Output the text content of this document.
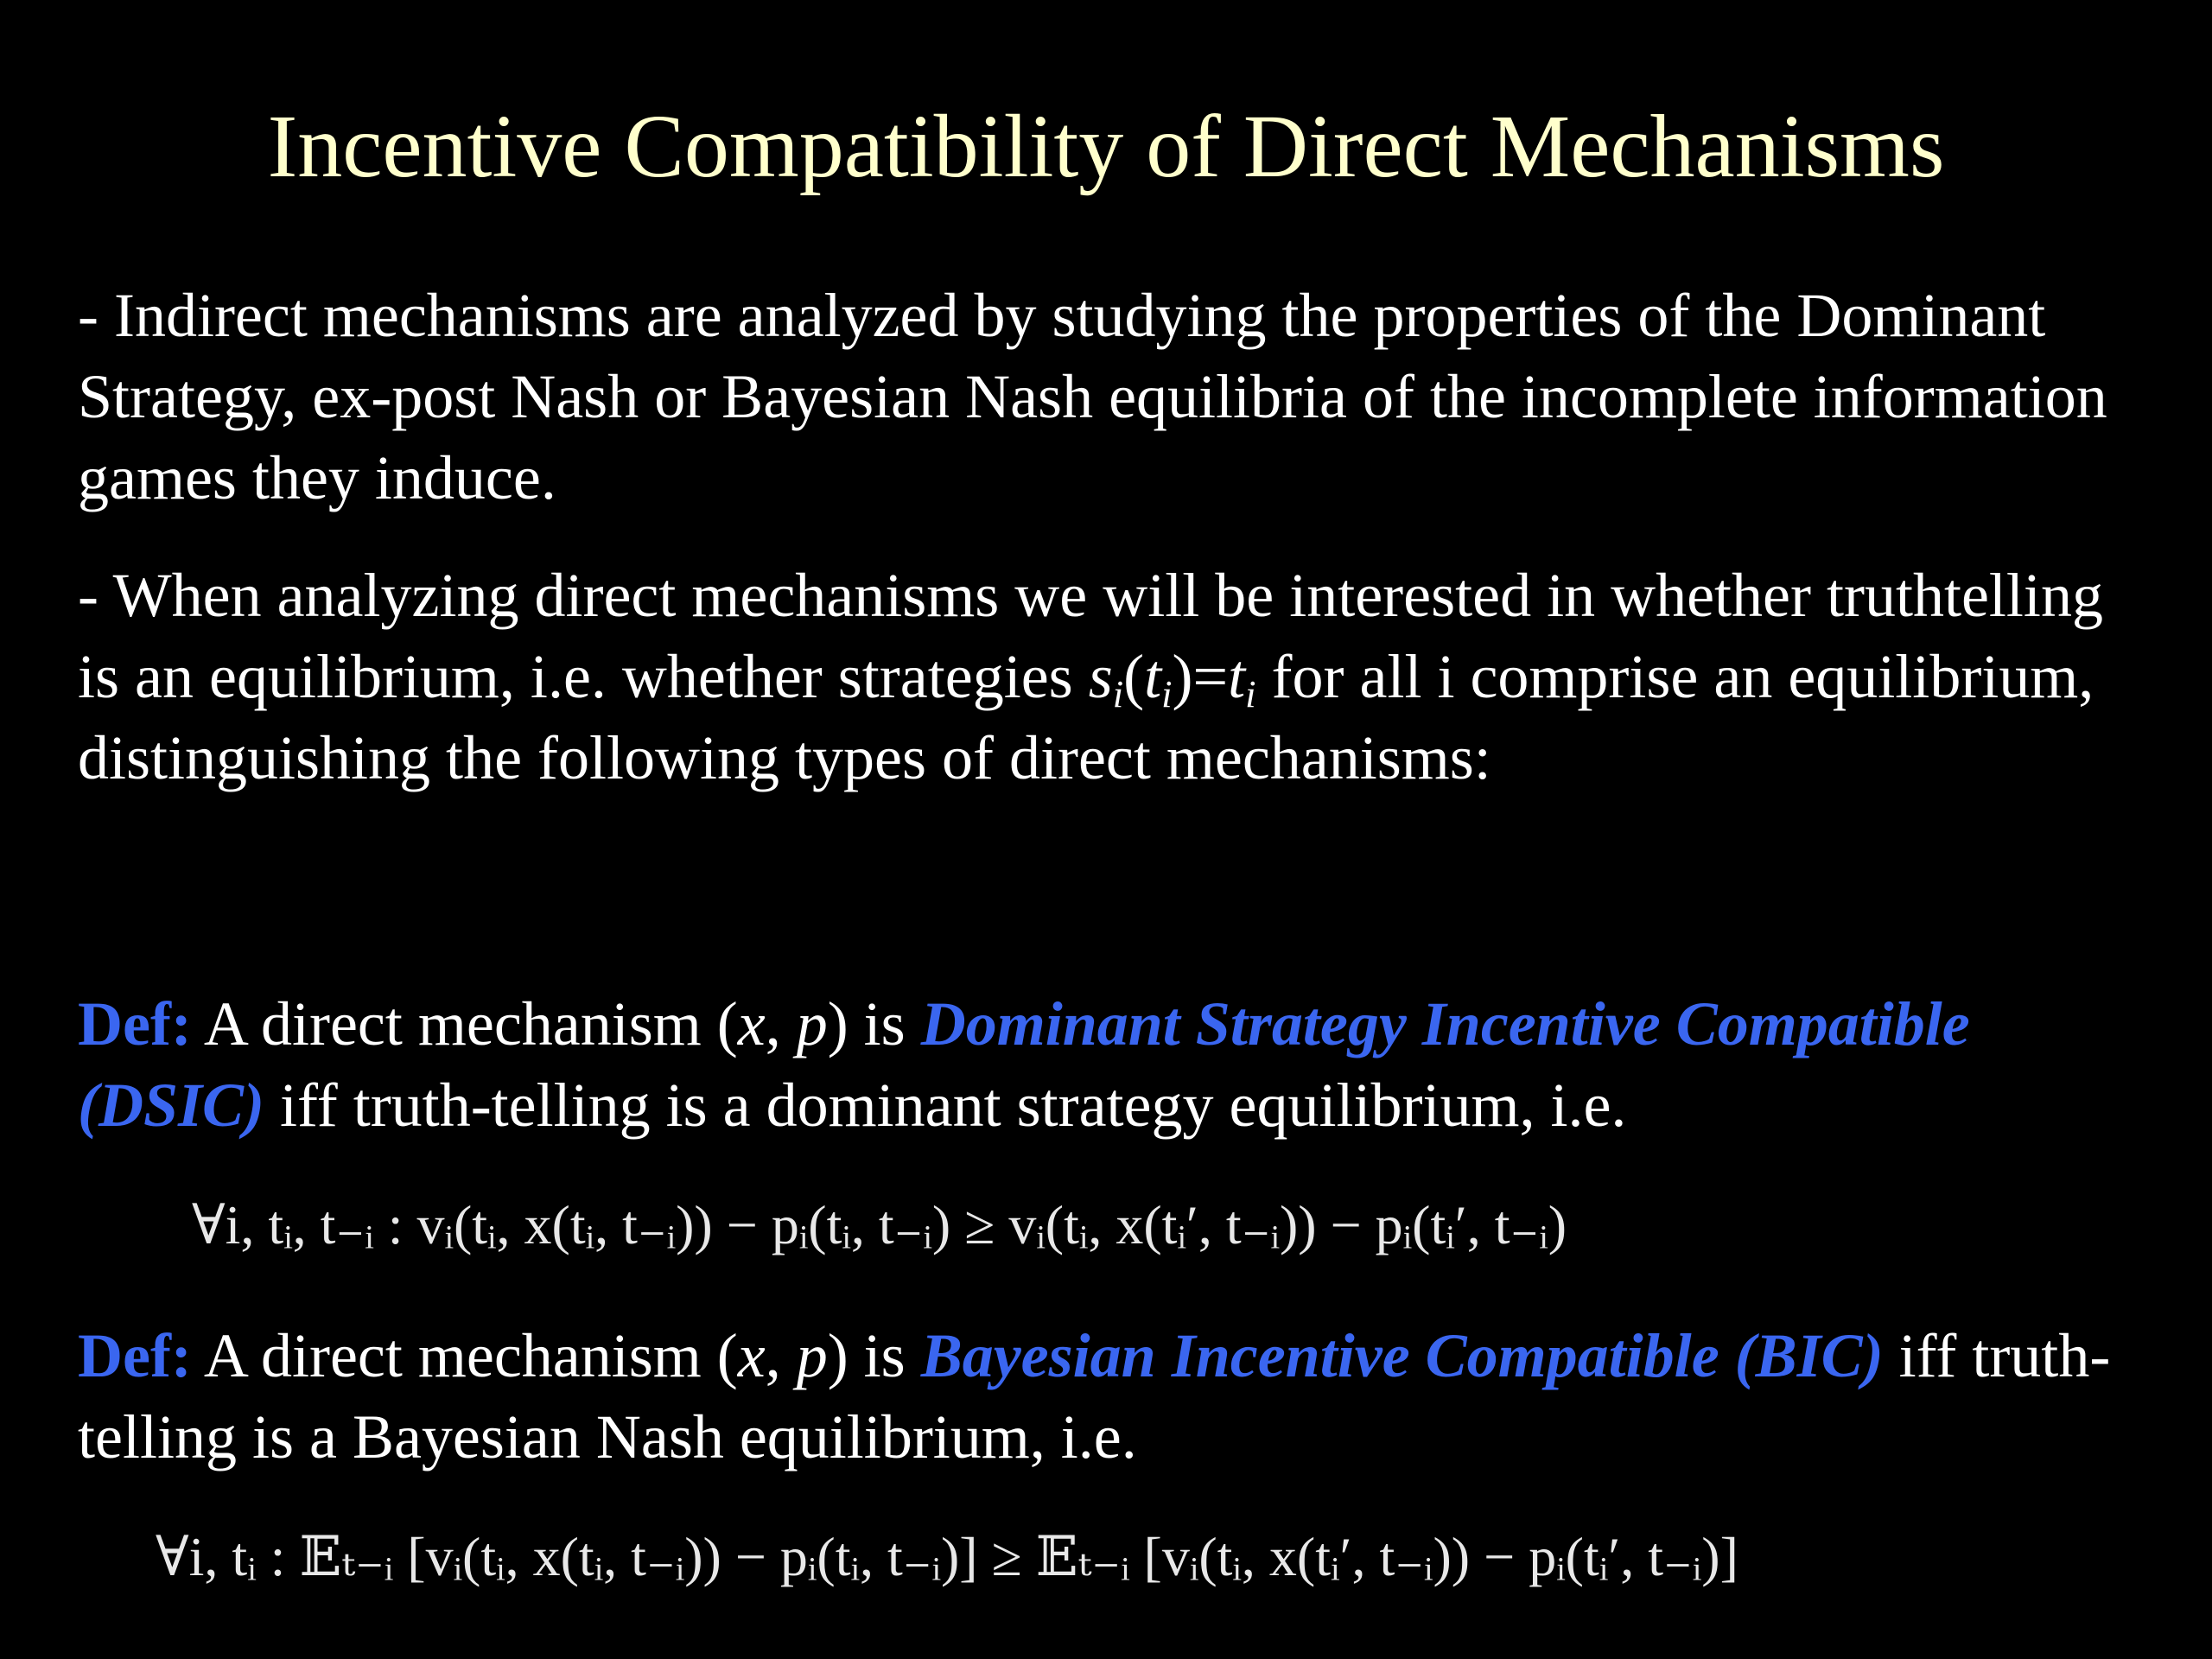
Incentive Compatibility of Direct Mechanisms
- Indirect mechanisms are analyzed by studying the properties of the Dominant Strategy, ex-post Nash or Bayesian Nash equilibria of the incomplete information games they induce.
- When analyzing direct mechanisms we will be interested in whether truthtelling is an equilibrium, i.e. whether strategies $s_i(t_i)=t_i$ for all i comprise an equilibrium, distinguishing the following types of direct mechanisms:
Def: A direct mechanism (x, p) is Dominant Strategy Incentive Compatible (DSIC) iff truth-telling is a dominant strategy equilibrium, i.e.
∀i, tᵢ, t₋ᵢ : vᵢ(tᵢ, x(tᵢ, t₋ᵢ)) − pᵢ(tᵢ, t₋ᵢ) ≥ vᵢ(tᵢ, x(tᵢ′, t₋ᵢ)) − pᵢ(tᵢ′, t₋ᵢ)
Def: A direct mechanism (x, p) is Bayesian Incentive Compatible (BIC) iff truth-telling is a Bayesian Nash equilibrium, i.e.
∀i, tᵢ : 𝔼ₜ₋ᵢ [vᵢ(tᵢ, x(tᵢ, t₋ᵢ)) − pᵢ(tᵢ, t₋ᵢ)] ≥ 𝔼ₜ₋ᵢ [vᵢ(tᵢ, x(tᵢ′, t₋ᵢ)) − pᵢ(tᵢ′, t₋ᵢ)]
